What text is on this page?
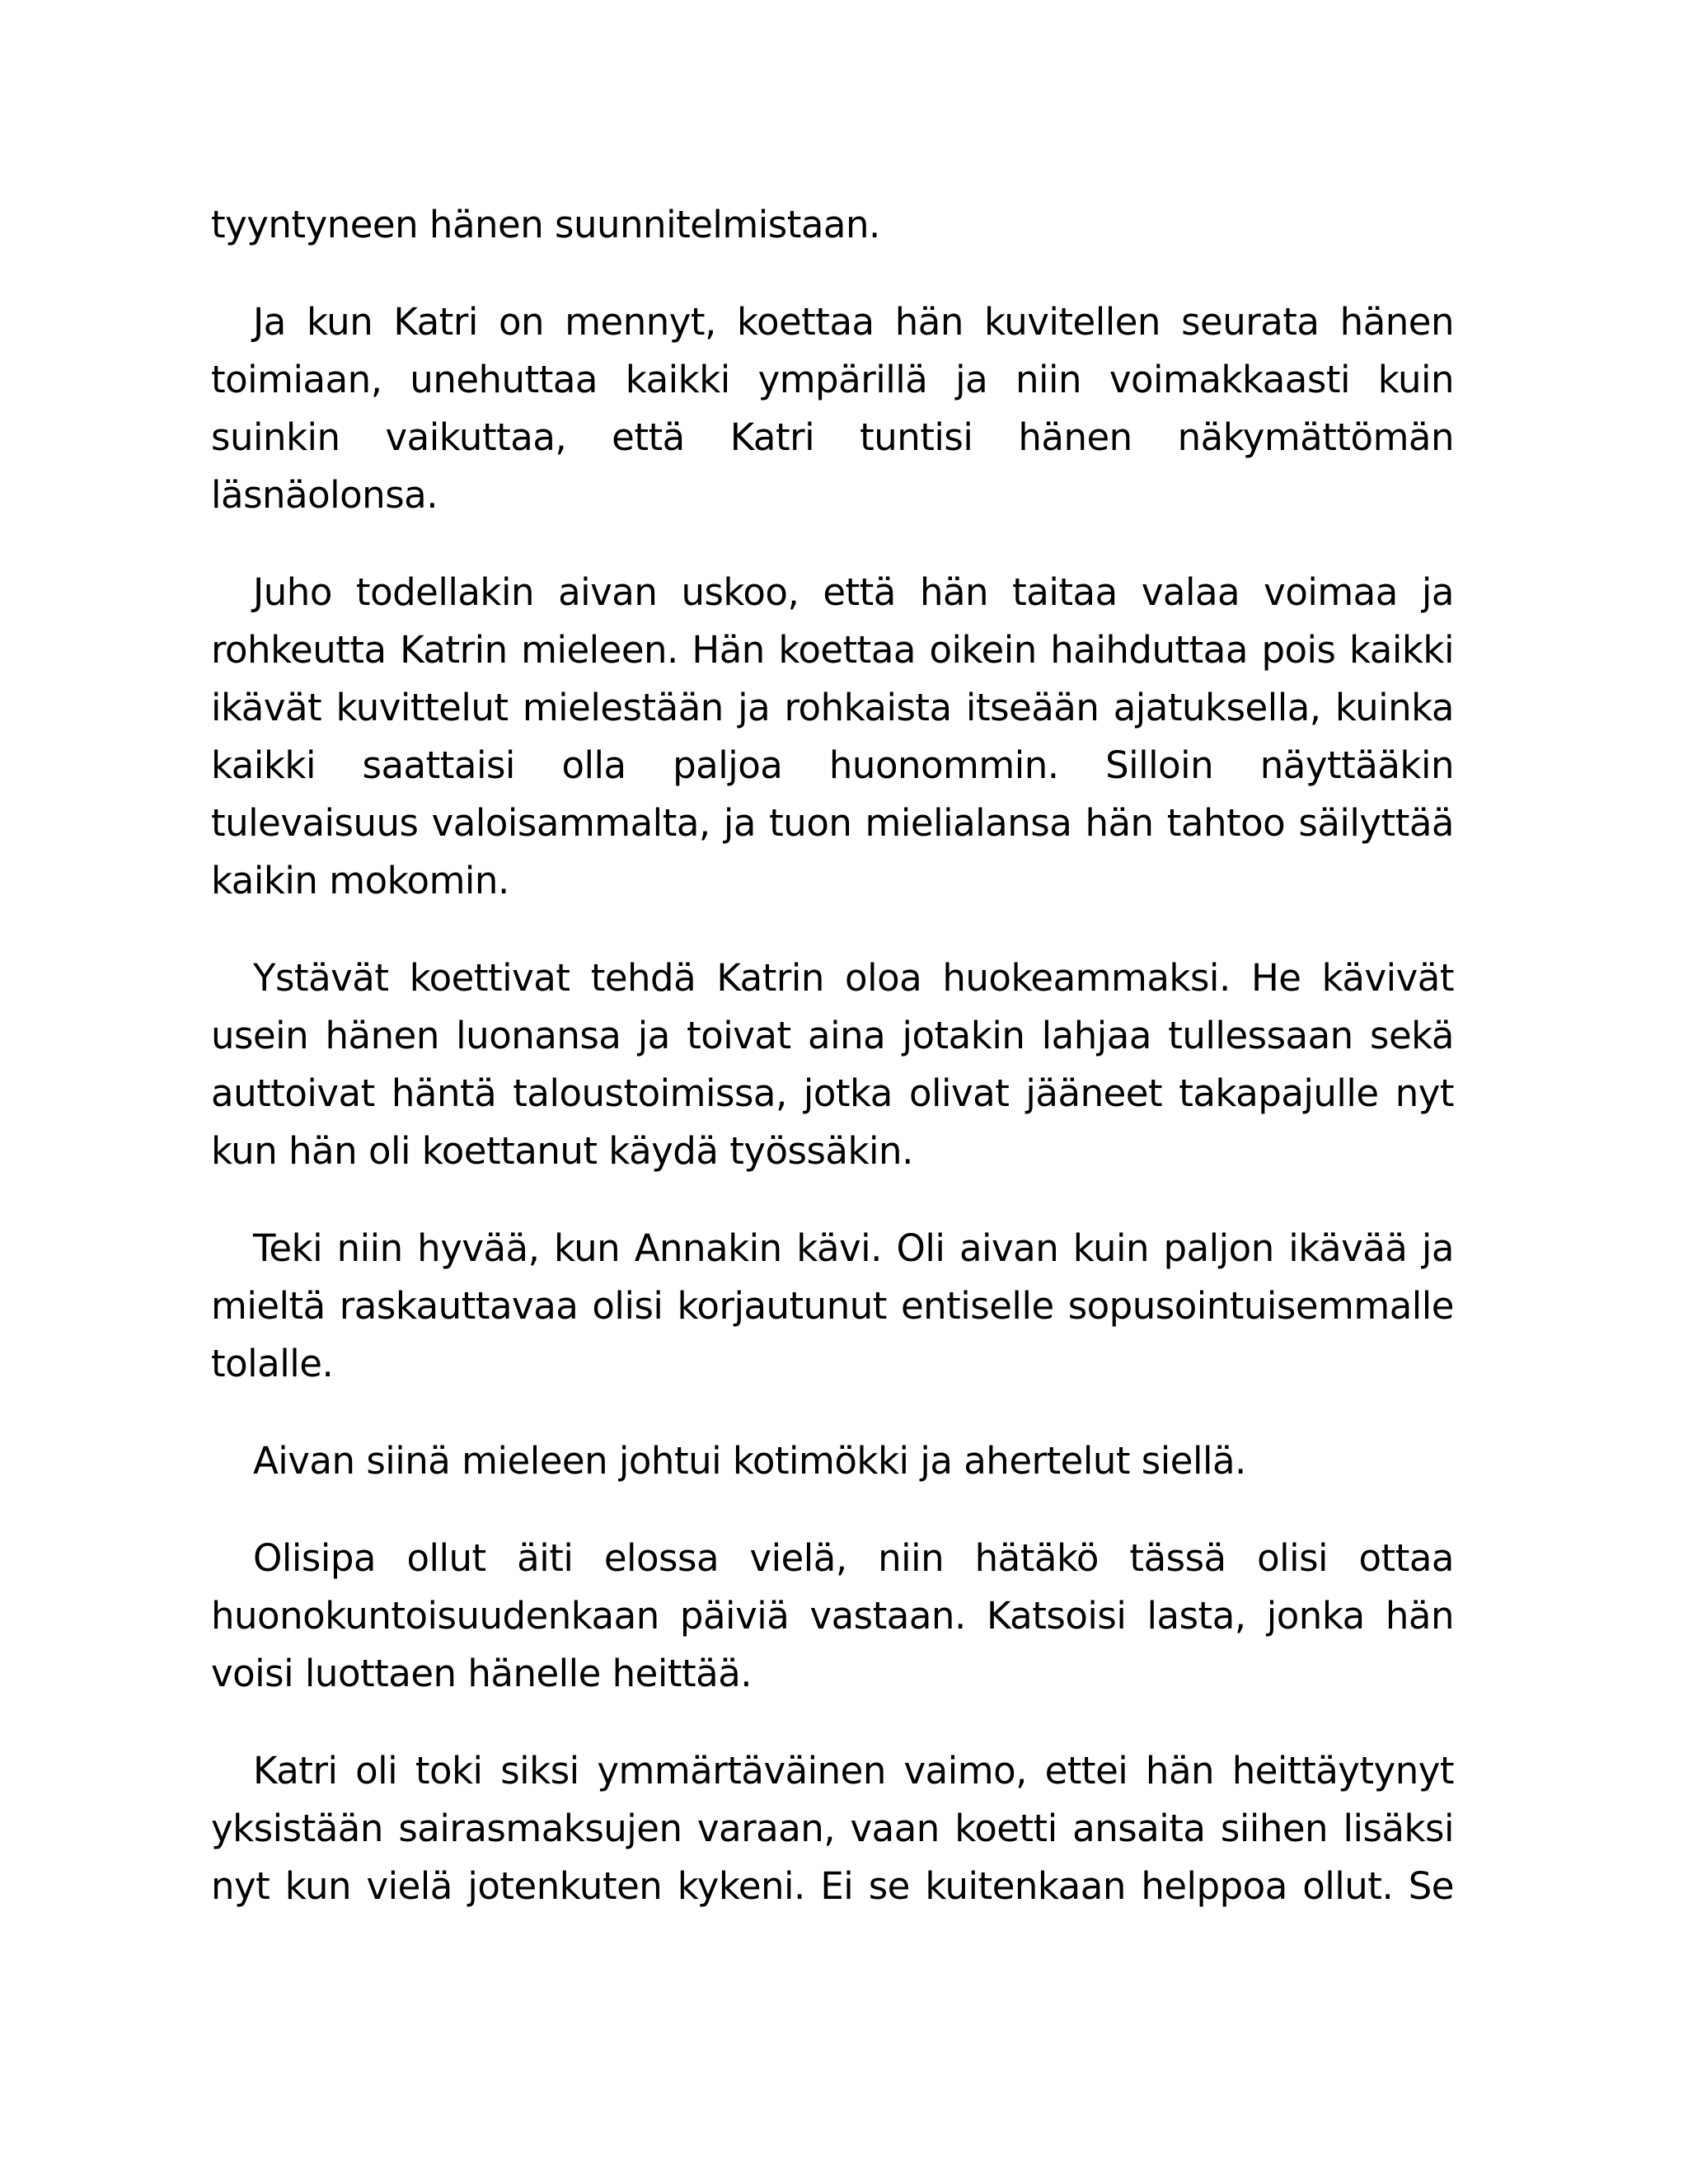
tyyntyneen hänen suunnitelmistaan.

Ja kun Katri on mennyt, koettaa hän kuvitellen seurata hänen toimiaan, unehuttaa kaikki ympärillä ja niin voimakkaasti kuin suinkin vaikuttaa, että Katri tuntisi hänen näkymättömän läsnäolonsa.

Juho todellakin aivan uskoo, että hän taitaa valaa voimaa ja rohkeutta Katrin mieleen. Hän koettaa oikein haihduttaa pois kaikki ikävät kuvittelut mielestään ja rohkaista itseään ajatuksella, kuinka kaikki saattaisi olla paljoa huonommin. Silloin näyttääkin tulevaisuus valoisammalta, ja tuon mielialansa hän tahtoo säilyttää kaikin mokomin.

Ystävät koettivat tehdä Katrin oloa huokeammaksi. He kävivät usein hänen luonansa ja toivat aina jotakin lahjaa tullessaan sekä auttoivat häntä taloustoimissa, jotka olivat jääneet takapajulle nyt kun hän oli koettanut käydä työssäkin.

Teki niin hyvää, kun Annakin kävi. Oli aivan kuin paljon ikävää ja mieltä raskauttavaa olisi korjautunut entiselle sopusointuisemmalle tolalle.

Aivan siinä mieleen johtui kotimökki ja ahertelut siellä.

Olisipa ollut äiti elossa vielä, niin hätäkö tässä olisi ottaa huonokuntoisuudenkaan päiviä vastaan. Katsoisi lasta, jonka hän voisi luottaen hänelle heittää.

Katri oli toki siksi ymmärtäväinen vaimo, ettei hän heittäytynyt yksistään sairasmaksujen varaan, vaan koetti ansaita siihen lisäksi nyt kun vielä jotenkuten kykeni. Ei se kuitenkaan helppoa ollut. Se
